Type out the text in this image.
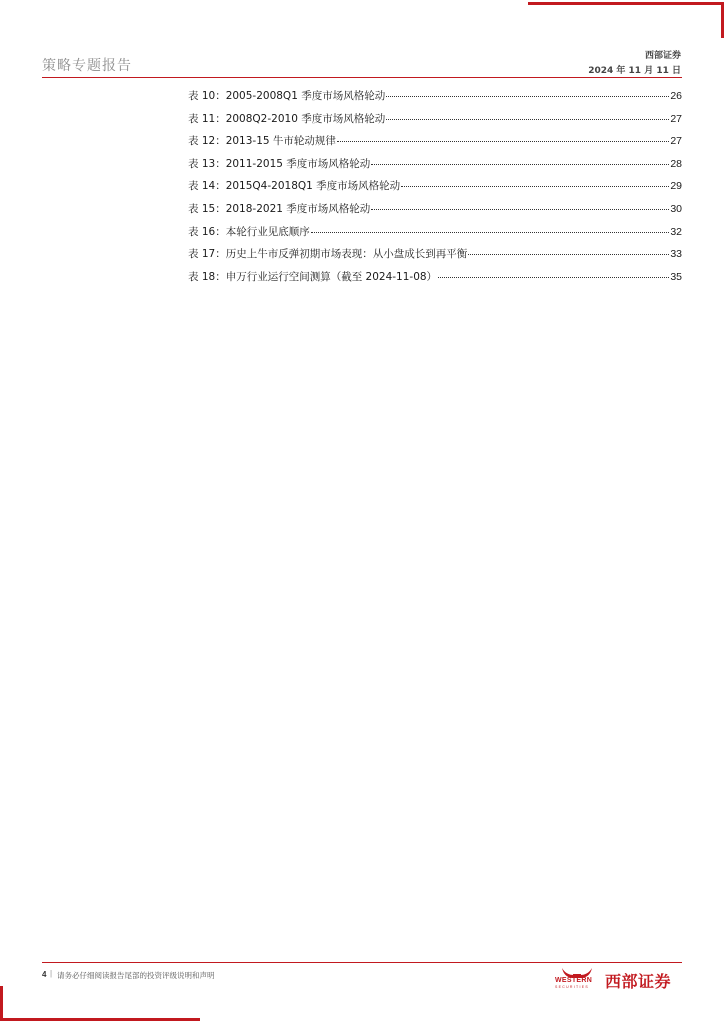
策略专题报告
西部证券
2024 年 11 月 11 日
表 10：2005-2008Q1 季度市场风格轮动	26
表 11：2008Q2-2010 季度市场风格轮动	27
表 12：2013-15 牛市轮动规律	27
表 13：2011-2015 季度市场风格轮动	28
表 14：2015Q4-2018Q1 季度市场风格轮动	29
表 15：2018-2021 季度市场风格轮动	30
表 16：本轮行业见底顺序	32
表 17：历史上牛市反弹初期市场表现：从小盘成长到再平衡	33
表 18：申万行业运行空间测算（截至 2024-11-08）	35
4 | 请务必仔细阅读报告尾部的投资评级说明和声明
WESTERN
SECURITIES 西部证券
